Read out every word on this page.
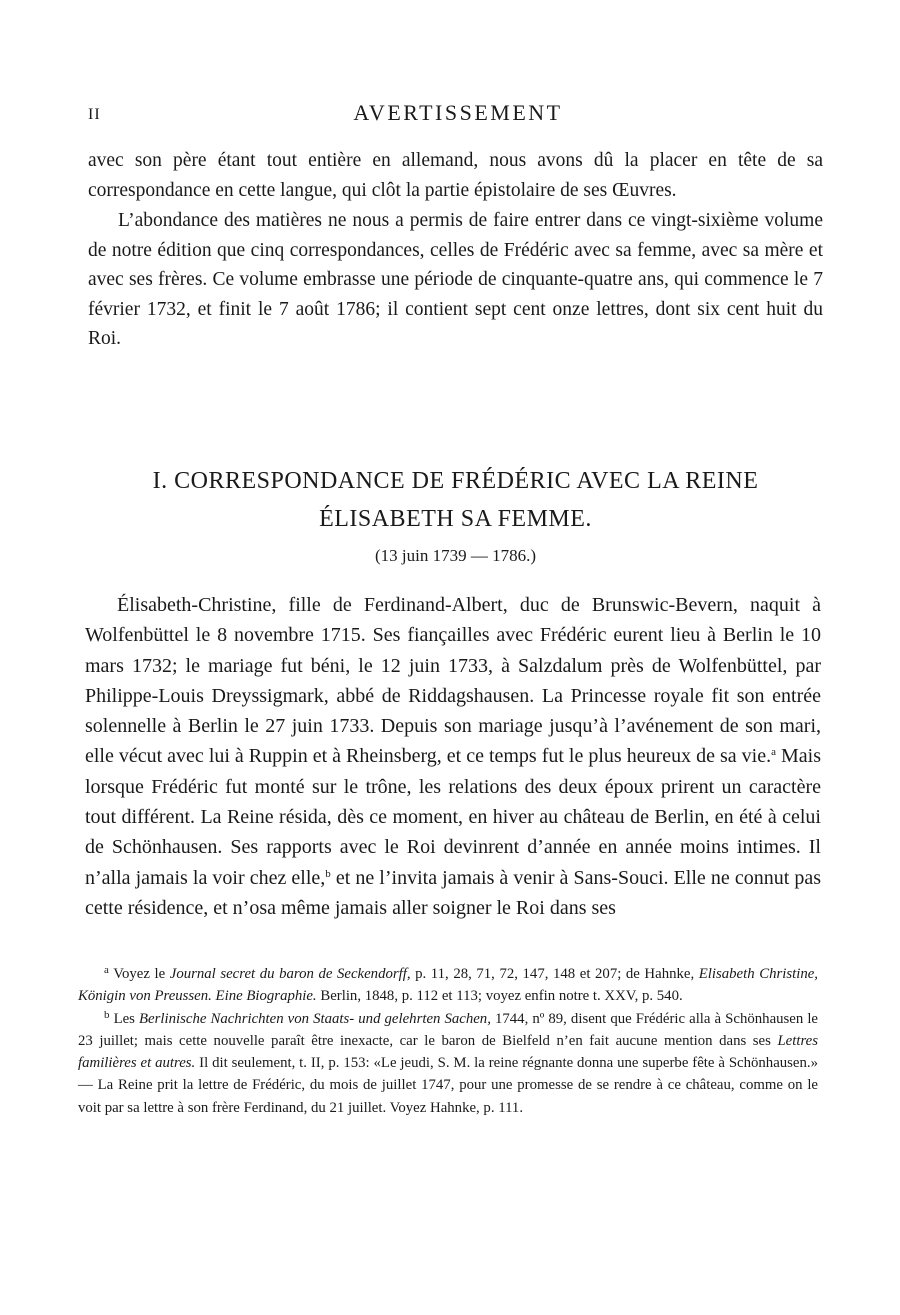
II	AVERTISSEMENT

avec son père étant tout entière en allemand, nous avons dû la placer en tête de sa correspondance en cette langue, qui clôt la partie épistolaire de ses Œuvres.

L’abondance des matières ne nous a permis de faire entrer dans ce vingt-sixième volume de notre édition que cinq correspondances, celles de Frédéric avec sa femme, avec sa mère et avec ses frères. Ce volume embrasse une période de cinquante-quatre ans, qui commence le 7 février 1732, et finit le 7 août 1786; il contient sept cent onze lettres, dont six cent huit du Roi.

I. CORRESPONDANCE DE FRÉDÉRIC AVEC LA REINE ÉLISABETH SA FEMME.
(13 juin 1739 — 1786.)

Élisabeth-Christine, fille de Ferdinand-Albert, duc de Brunswic-Bevern, naquit à Wolfenbüttel le 8 novembre 1715. Ses fiançailles avec Frédéric eurent lieu à Berlin le 10 mars 1732; le mariage fut béni, le 12 juin 1733, à Salzdalum près de Wolfenbüttel, par Philippe-Louis Dreyssigmark, abbé de Riddagshausen. La Princesse royale fit son entrée solennelle à Berlin le 27 juin 1733. Depuis son mariage jusqu’à l’avénement de son mari, elle vécut avec lui à Ruppin et à Rheinsberg, et ce temps fut le plus heureux de sa vie.$^a$ Mais lorsque Frédéric fut monté sur le trône, les relations des deux époux prirent un caractère tout différent. La Reine résida, dès ce moment, en hiver au château de Berlin, en été à celui de Schönhausen. Ses rapports avec le Roi devinrent d’année en année moins intimes. Il n’alla jamais la voir chez elle,$^b$ et ne l’invita jamais à venir à Sans-Souci. Elle ne connut pas cette résidence, et n’osa même jamais aller soigner le Roi dans ses

$^a$ Voyez le Journal secret du baron de Seckendorff, p. 11, 28, 71, 72, 147, 148 et 207; de Hahnke, Elisabeth Christine, Königin von Preussen. Eine Biographie. Berlin, 1848, p. 112 et 113; voyez enfin notre t. XXV, p. 540.

$^b$ Les Berlinische Nachrichten von Staats- und gelehrten Sachen, 1744, nº 89, disent que Frédéric alla à Schönhausen le 23 juillet; mais cette nouvelle paraît être inexacte, car le baron de Bielfeld n’en fait aucune mention dans ses Lettres familières et autres. Il dit seulement, t. II, p. 153: «Le jeudi, S. M. la reine régnante donna une superbe fête à Schönhausen.» — La Reine prit la lettre de Frédéric, du mois de juillet 1747, pour une promesse de se rendre à ce château, comme on le voit par sa lettre à son frère Ferdinand, du 21 juillet. Voyez Hahnke, p. 111.
